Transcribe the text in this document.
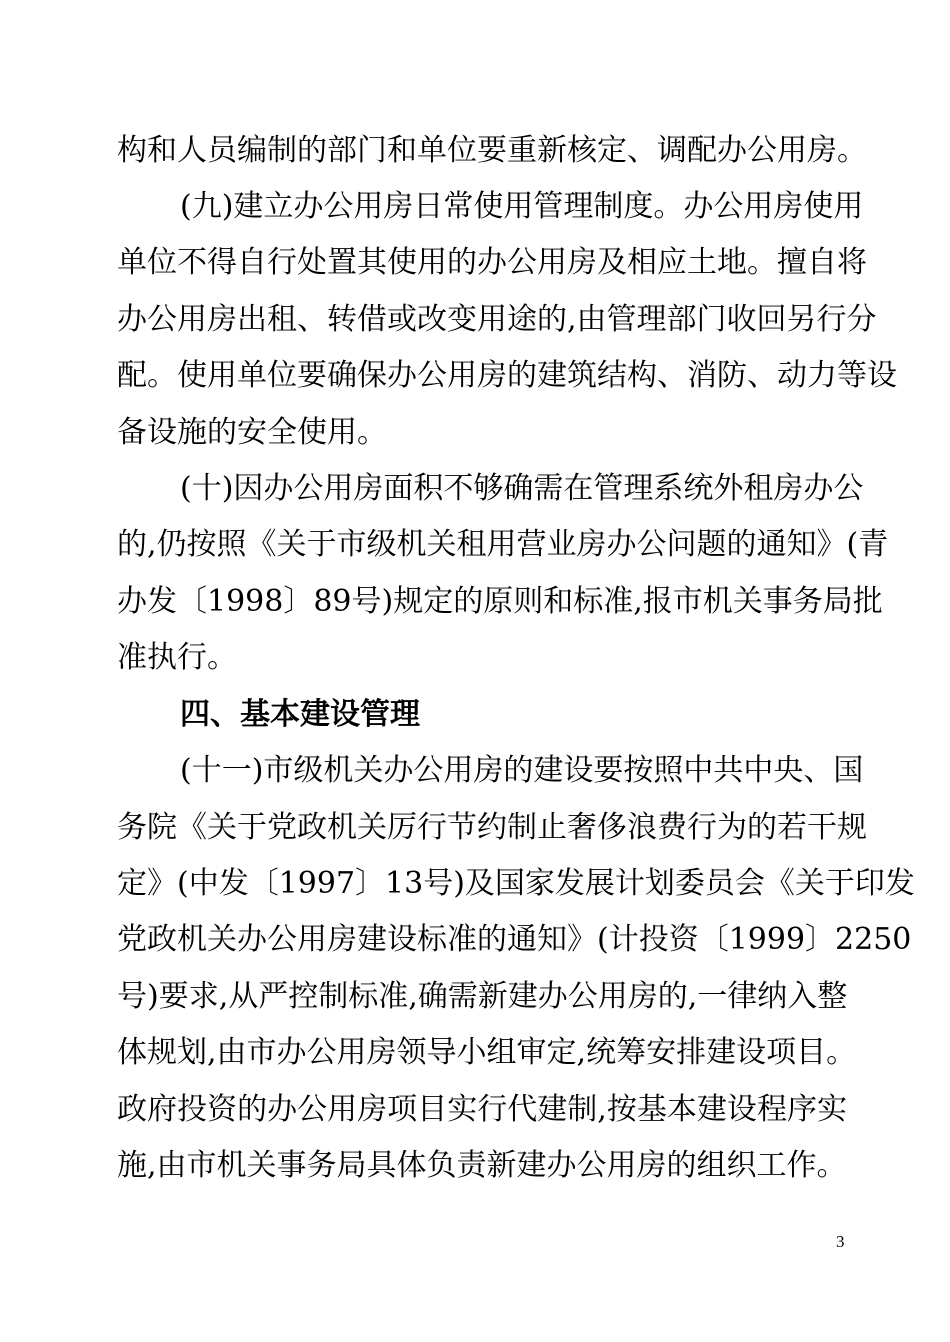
构和人员编制的部门和单位要重新核定、调配办公用房。
(九)建立办公用房日常使用管理制度。办公用房使用
单位不得自行处置其使用的办公用房及相应土地。擅自将
办公用房出租、转借或改变用途的,由管理部门收回另行分
配。使用单位要确保办公用房的建筑结构、消防、动力等设
备设施的安全使用。
(十)因办公用房面积不够确需在管理系统外租房办公
的,仍按照《关于市级机关租用营业房办公问题的通知》(青
办发〔1998〕89号)规定的原则和标准,报市机关事务局批
准执行。
四、基本建设管理
(十一)市级机关办公用房的建设要按照中共中央、国
务院《关于党政机关厉行节约制止奢侈浪费行为的若干规
定》(中发〔1997〕13号)及国家发展计划委员会《关于印发
党政机关办公用房建设标准的通知》(计投资〔1999〕2250
号)要求,从严控制标准,确需新建办公用房的,一律纳入整
体规划,由市办公用房领导小组审定,统筹安排建设项目。
政府投资的办公用房项目实行代建制,按基本建设程序实
施,由市机关事务局具体负责新建办公用房的组织工作。
3
